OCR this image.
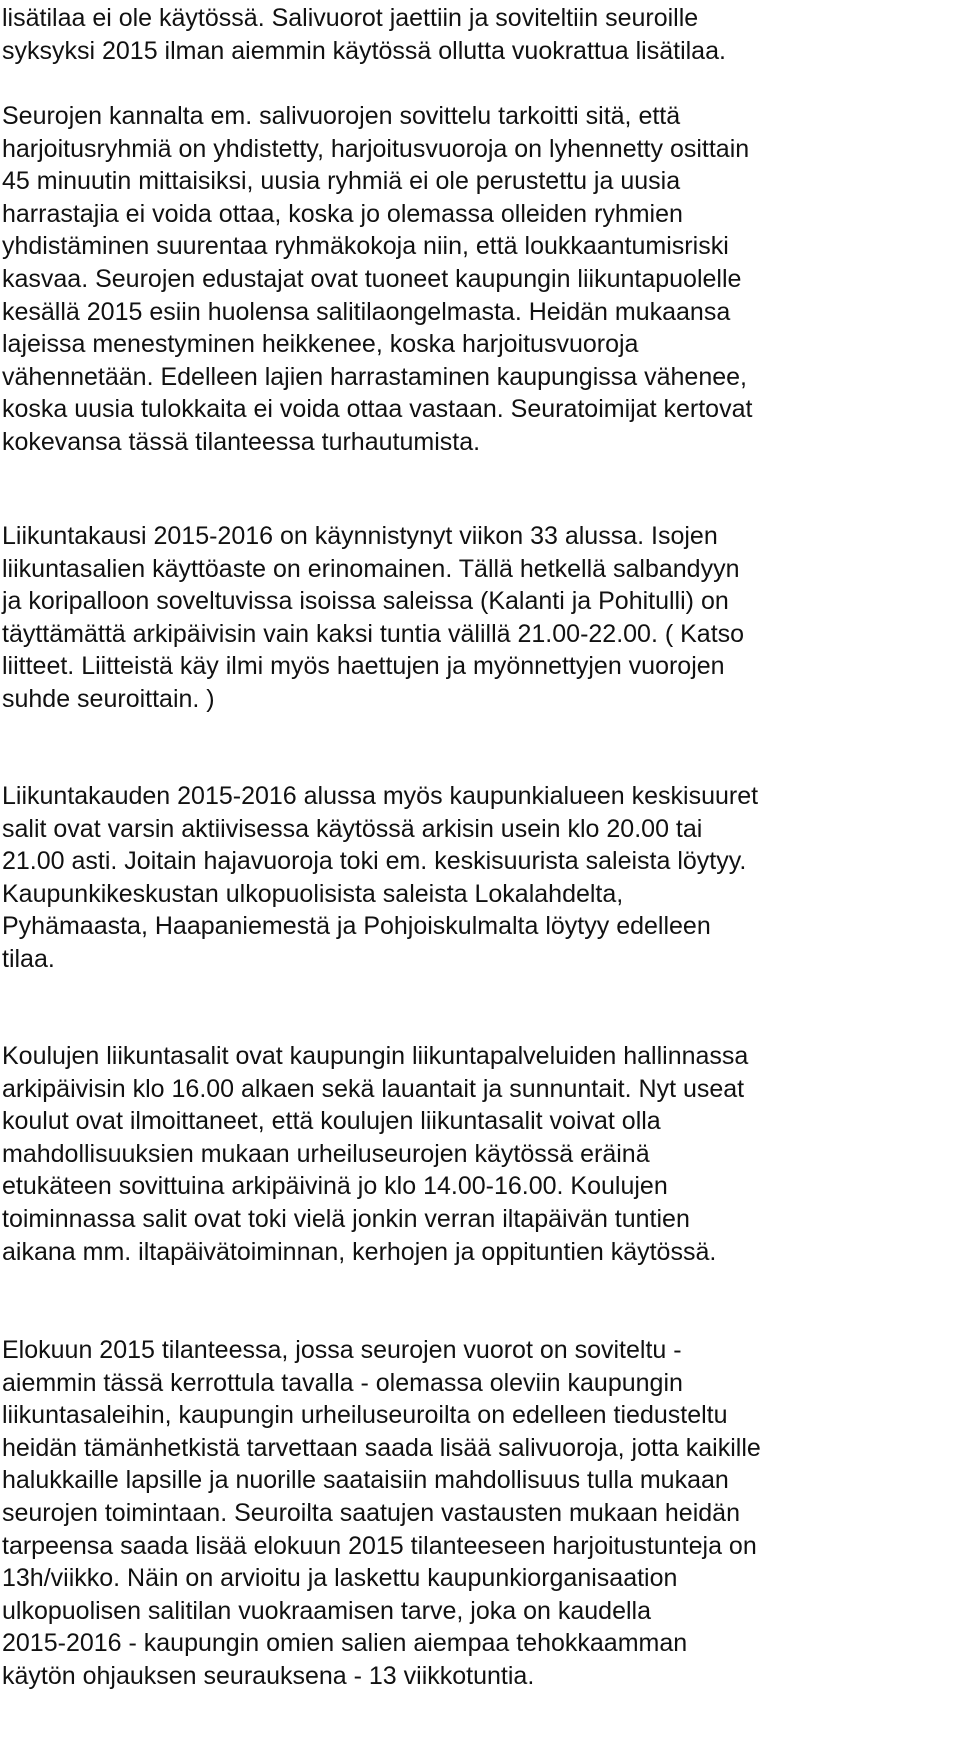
lisätilaa ei ole käytössä. Salivuorot jaettiin ja soviteltiin seuroille
syksyksi 2015 ilman aiemmin käytössä ollutta vuokrattua lisätilaa.
Seurojen kannalta em. salivuorojen sovittelu tarkoitti sitä, että
harjoitusryhmiä on yhdistetty, harjoitusvuoroja on lyhennetty osittain
45 minuutin mittaisiksi, uusia ryhmiä ei ole perustettu ja uusia
harrastajia ei voida ottaa, koska jo olemassa olleiden ryhmien
yhdistäminen suurentaa ryhmäkokoja niin, että loukkaantumisriski
kasvaa. Seurojen edustajat ovat tuoneet kaupungin liikuntapuolelle
kesällä 2015 esiin huolensa salitilaongelmasta. Heidän mukaansa
lajeissa menestyminen heikkenee, koska harjoitusvuoroja
vähennetään. Edelleen lajien harrastaminen kaupungissa vähenee,
koska uusia tulokkaita ei voida ottaa vastaan. Seuratoimijat kertovat
kokevansa tässä tilanteessa turhautumista.
Liikuntakausi 2015-2016 on käynnistynyt viikon 33 alussa. Isojen
liikuntasalien käyttöaste on erinomainen. Tällä hetkellä salbandyyn
ja koripalloon soveltuvissa isoissa saleissa (Kalanti ja Pohitulli) on
täyttämättä arkipäivisin vain kaksi tuntia välillä 21.00-22.00. ( Katso
liitteet. Liitteistä käy ilmi myös haettujen ja myönnettyjen vuorojen
suhde seuroittain. )
Liikuntakauden 2015-2016 alussa myös kaupunkialueen keskisuuret
salit ovat varsin aktiivisessa käytössä arkisin usein klo 20.00 tai
21.00 asti. Joitain hajavuoroja toki em. keskisuurista saleista löytyy.
Kaupunkikeskustan ulkopuolisista saleista Lokalahdelta,
Pyhämaasta, Haapaniemestä ja Pohjoiskulmalta löytyy edelleen
tilaa.
Koulujen liikuntasalit ovat kaupungin liikuntapalveluiden hallinnassa
arkipäivisin klo 16.00 alkaen sekä lauantait ja sunnuntait. Nyt useat
koulut ovat ilmoittaneet, että koulujen liikuntasalit voivat olla
mahdollisuuksien mukaan urheiluseurojen käytössä eräinä
etukäteen sovittuina arkipäivinä jo klo 14.00-16.00. Koulujen
toiminnassa salit ovat toki vielä jonkin verran iltapäivän tuntien
aikana mm. iltapäivätoiminnan, kerhojen ja oppituntien käytössä.
Elokuun 2015 tilanteessa, jossa seurojen vuorot on soviteltu -
aiemmin tässä kerrottula tavalla - olemassa oleviin kaupungin
liikuntasaleihin, kaupungin urheiluseuroilta on edelleen tiedusteltu
heidän tämänhetkistä tarvettaan saada lisää salivuoroja, jotta kaikille
halukkaille lapsille ja nuorille saataisiin mahdollisuus tulla mukaan
seurojen toimintaan. Seuroilta saatujen vastausten mukaan heidän
tarpeensa saada lisää elokuun 2015 tilanteeseen harjoitustunteja on
13h/viikko. Näin on arvioitu ja laskettu kaupunkiorganisaation
ulkopuolisen salitilan vuokraamisen tarve, joka on kaudella
2015-2016 - kaupungin omien salien aiempaa tehokkaamman
käytön ohjauksen seurauksena - 13 viikkotuntia.
